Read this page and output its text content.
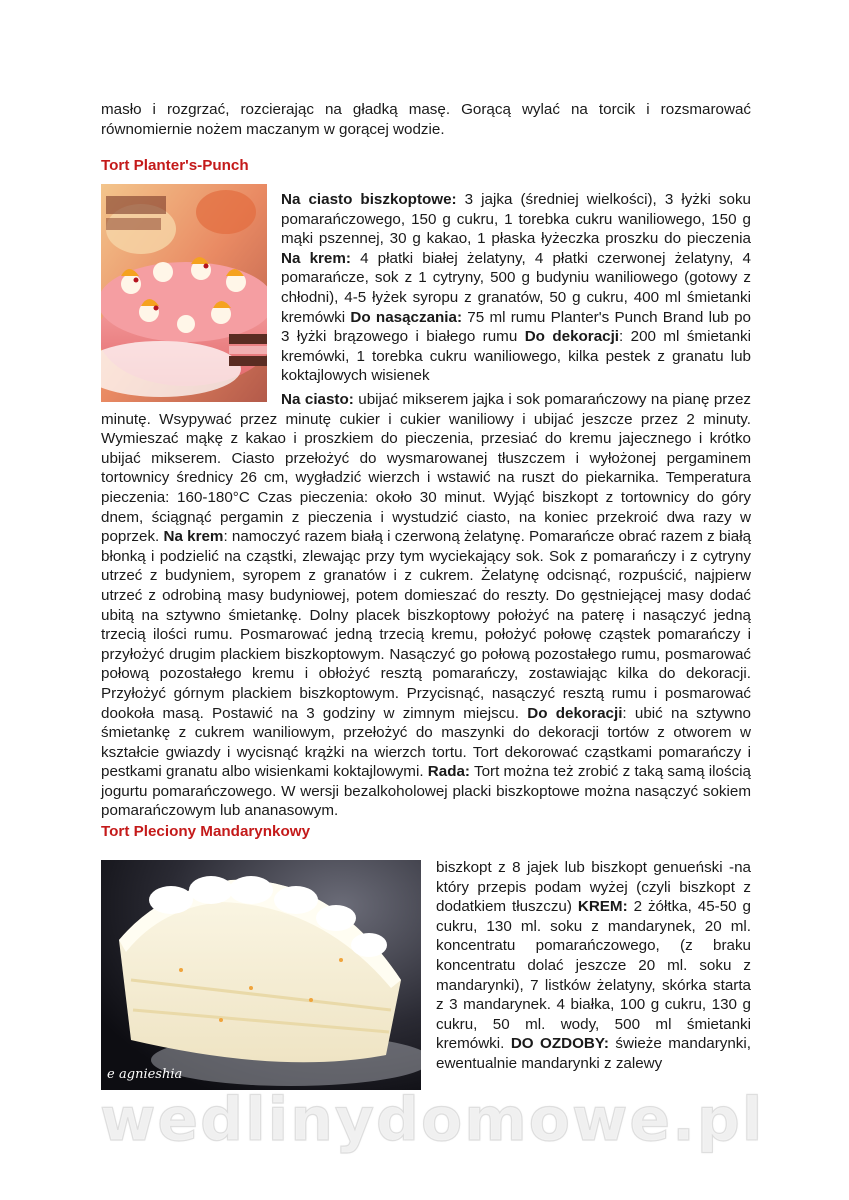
masło i rozgrzać, rozcierając na gładką masę. Gorącą wylać na torcik i rozsmarować równomiernie nożem maczanym w gorącej wodzie.

Tort Planter's-Punch

Na ciasto biszkoptowe: 3 jajka (średniej wielkości), 3 łyżki soku pomarańczowego, 150 g cukru, 1 torebka cukru waniliowego, 150 g mąki pszennej, 30 g kakao, 1 płaska łyżeczka proszku do pieczenia Na krem: 4 płatki białej żelatyny, 4 płatki czerwonej żelatyny, 4 pomarańcze, sok z 1 cytryny, 500 g budyniu waniliowego (gotowy z chłodni), 4-5 łyżek syropu z granatów, 50 g cukru, 400 ml śmietanki kremówki Do nasączania: 75 ml rumu Planter's Punch Brand lub po 3 łyżki brązowego i białego rumu Do dekoracji: 200 ml śmietanki kremówki, 1 torebka cukru waniliowego, kilka pestek z granatu lub koktajlowych wisienek

Na ciasto: ubijać mikserem jajka i sok pomarańczowy na pianę przez minutę. Wsypywać przez minutę cukier i cukier waniliowy i ubijać jeszcze przez 2 minuty. Wymieszać mąkę z kakao i proszkiem do pieczenia, przesiać do kremu jajecznego i krótko ubijać mikserem. Ciasto przełożyć do wysmarowanej tłuszczem i wyłożonej pergaminem tortownicy średnicy 26 cm, wygładzić wierzch i wstawić na ruszt do piekarnika. Temperatura pieczenia: 160-180°C Czas pieczenia: około 30 minut. Wyjąć biszkopt z tortownicy do góry dnem, ściągnąć pergamin z pieczenia i wystudzić ciasto, na koniec przekroić dwa razy w poprzek. Na krem: namoczyć razem białą i czerwoną żelatynę. Pomarańcze obrać razem z białą błonką i podzielić na cząstki, zlewając przy tym wyciekający sok. Sok z pomarańczy i z cytryny utrzeć z budyniem, syropem z granatów i z cukrem. Żelatynę odcisnąć, rozpuścić, najpierw utrzeć z odrobiną masy budyniowej, potem domieszać do reszty. Do gęstniejącej masy dodać ubitą na sztywno śmietankę. Dolny placek biszkoptowy położyć na paterę i nasączyć jedną trzecią ilości rumu. Posmarować jedną trzecią kremu, położyć połowę cząstek pomarańczy i przyłożyć drugim plackiem biszkoptowym. Nasączyć go połową pozostałego rumu, posmarować połową pozostałego kremu i obłożyć resztą pomarańczy, zostawiając kilka do dekoracji. Przyłożyć górnym plackiem biszkoptowym. Przycisnąć, nasączyć resztą rumu i posmarować dookoła masą. Postawić na 3 godziny w zimnym miejscu. Do dekoracji: ubić na sztywno śmietankę z cukrem waniliowym, przełożyć do maszynki do dekoracji tortów z otworem w kształcie gwiazdy i wycisnąć krążki na wierzch tortu. Tort dekorować cząstkami pomarańczy i pestkami granatu albo wisienkami koktajlowymi. Rada: Tort można też zrobić z taką samą ilością jogurtu pomarańczowego. W wersji bezalkoholowej placki biszkoptowe można nasączyć sokiem pomarańczowym lub ananasowym.

Tort Pleciony Mandarynkowy
e agnieshia

biszkopt z 8 jajek lub biszkopt genueński -na który przepis podam wyżej (czyli biszkopt z dodatkiem tłuszczu) KREM: 2 żółtka, 45-50 g cukru, 130 ml. soku z mandarynek, 20 ml. koncentratu pomarańczowego, (z braku koncentratu dolać jeszcze 20 ml. soku z mandarynki), 7 listków żelatyny, skórka starta z 3 mandarynek. 4 białka, 100 g cukru, 130 g cukru, 50 ml. wody, 500 ml śmietanki kremówki. DO OZDOBY: świeże mandarynki, ewentualnie mandarynki z zalewy

wedlinydomowe.pl
